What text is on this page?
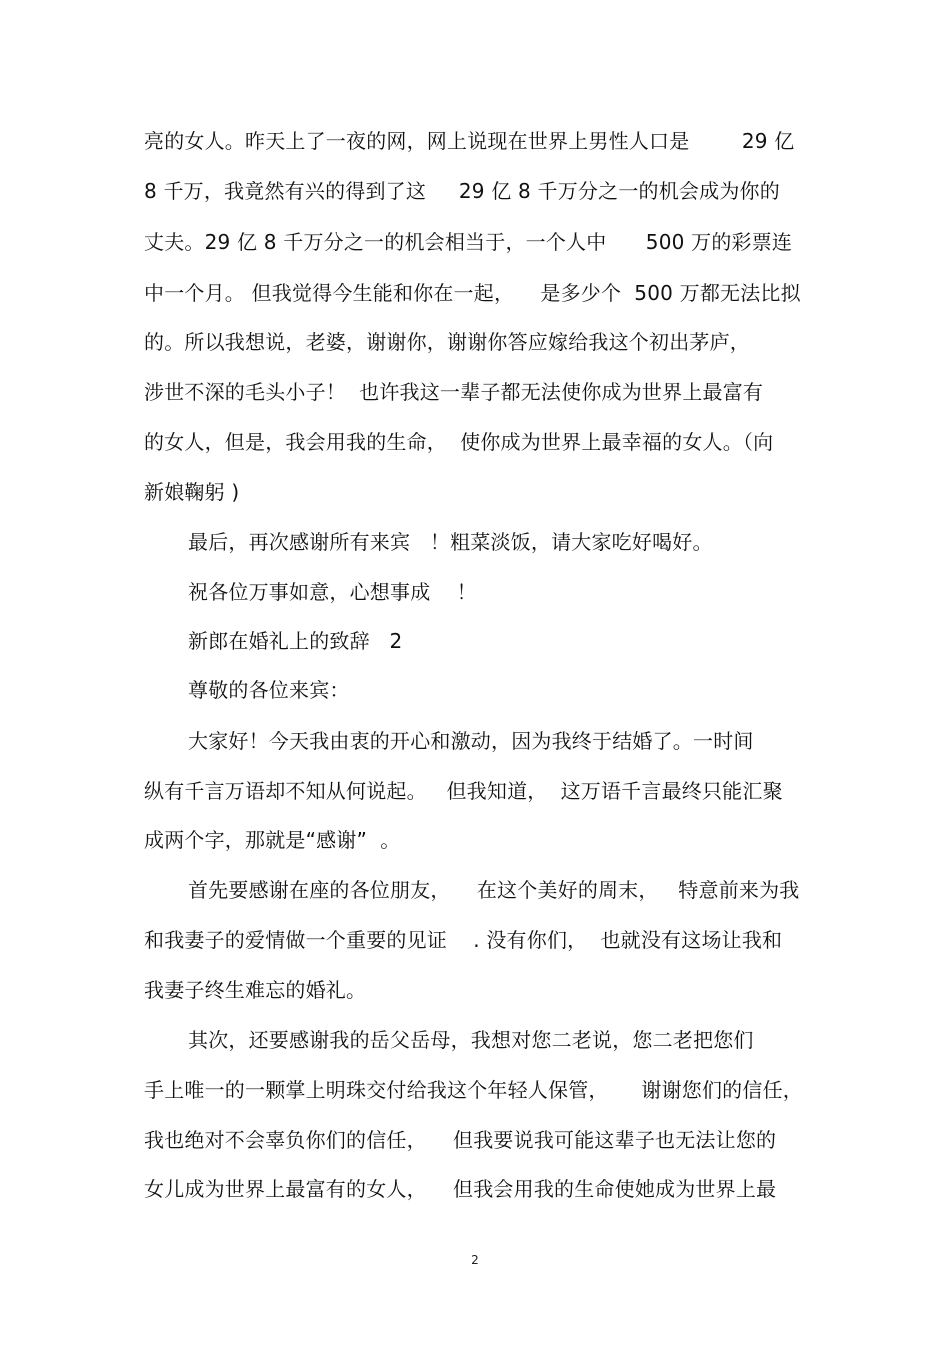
亮的女人。昨天上了一夜的网，网上说现在世界上男性人口是        29 亿
8 千万，我竟然有兴的得到了这     29 亿 8 千万分之一的机会成为你的
丈夫。29 亿 8 千万分之一的机会相当于，一个人中      500 万的彩票连
中一个月。 但我觉得今生能和你在一起，    是多少个  500 万都无法比拟
的。所以我想说，老婆，谢谢你，谢谢你答应嫁给我这个初出茅庐，
涉世不深的毛头小子！  也许我这一辈子都无法使你成为世界上最富有
的女人，但是，我会用我的生命，  使你成为世界上最幸福的女人。（向
新娘鞠躬 )
最后，再次感谢所有来宾   ！粗菜淡饭，请大家吃好喝好。
祝各位万事如意，心想事成    ！
新郎在婚礼上的致辞   2
尊敬的各位来宾：
大家好！今天我由衷的开心和激动，因为我终于结婚了。一时间
纵有千言万语却不知从何说起。   但我知道，  这万语千言最终只能汇聚
成两个字，那就是“感谢”  。
首先要感谢在座的各位朋友，    在这个美好的周末，   特意前来为我
和我妻子的爱情做一个重要的见证    . 没有你们，  也就没有这场让我和
我妻子终生难忘的婚礼。
其次，还要感谢我的岳父岳母，我想对您二老说，您二老把您们
手上唯一的一颗掌上明珠交付给我这个年轻人保管，     谢谢您们的信任，
我也绝对不会辜负你们的信任，    但我要说我可能这辈子也无法让您的
女儿成为世界上最富有的女人，    但我会用我的生命使她成为世界上最
2
